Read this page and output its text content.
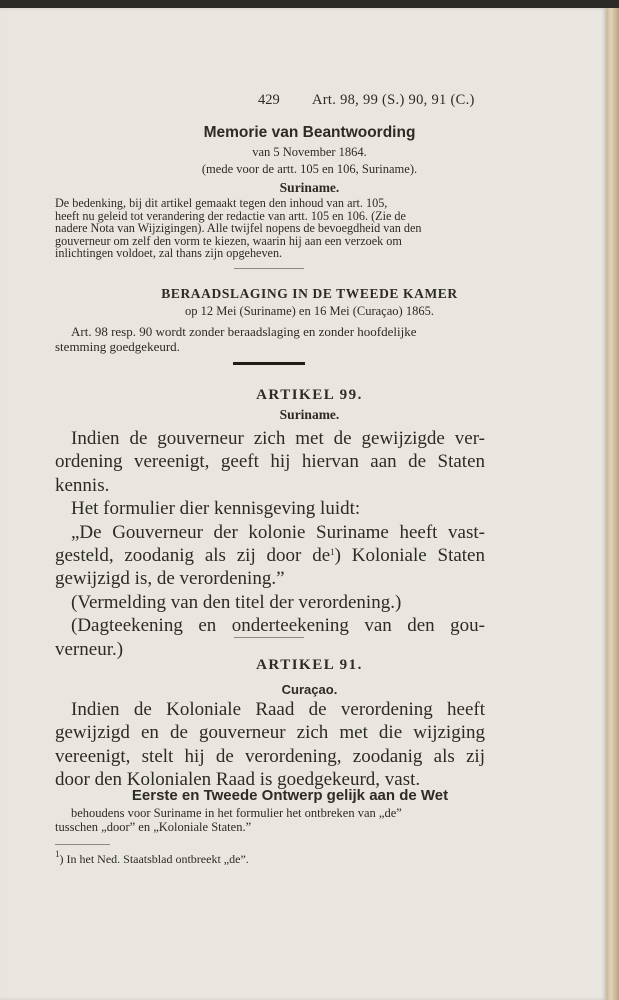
429 Art. 98, 99 (S.) 90, 91 (C.)
Memorie van Beantwoording
van 5 November 1864.
(mede voor de artt. 105 en 106, Suriname).
Suriname.
De bedenking, bij dit artikel gemaakt tegen den inhoud van art. 105,
heeft nu geleid tot verandering der redactie van artt. 105 en 106. (Zie de
nadere Nota van Wijzigingen). Alle twijfel nopens de bevoegdheid van den
gouverneur om zelf den vorm te kiezen, waarin hij aan een verzoek om
inlichtingen voldoet, zal thans zijn opgeheven.
BERAADSLAGING IN DE TWEEDE KAMER
op 12 Mei (Suriname) en 16 Mei (Curaçao) 1865.
Art. 98 resp. 90 wordt zonder beraadslaging en zonder hoofdelijke
stemming goedgekeurd.
ARTIKEL 99.
Suriname.
Indien de gouverneur zich met de gewijzigde ver-
ordening vereenigt, geeft hij hiervan aan de Staten
kennis.
Het formulier dier kennisgeving luidt:
„De Gouverneur der kolonie Suriname heeft vast-
gesteld, zoodanig als zij door $de^1$) Koloniale Staten
gewijzigd is, de verordening.”
(Vermelding van den titel der verordening.)
(Dagteekening en onderteekening van den gou-
verneur.)
ARTIKEL 91.
Curaçao.
Indien de Koloniale Raad de verordening heeft
gewijzigd en de gouverneur zich met die wijziging
vereenigt, stelt hij de verordening, zoodanig als zij
door den Kolonialen Raad is goedgekeurd, vast.
Eerste en Tweede Ontwerp gelijk aan de Wet
behoudens voor Suriname in het formulier het ontbreken van „de”
tusschen „door” en „Koloniale Staten.”
$^1$) In het Ned. Staatsblad ontbreekt „de”.
